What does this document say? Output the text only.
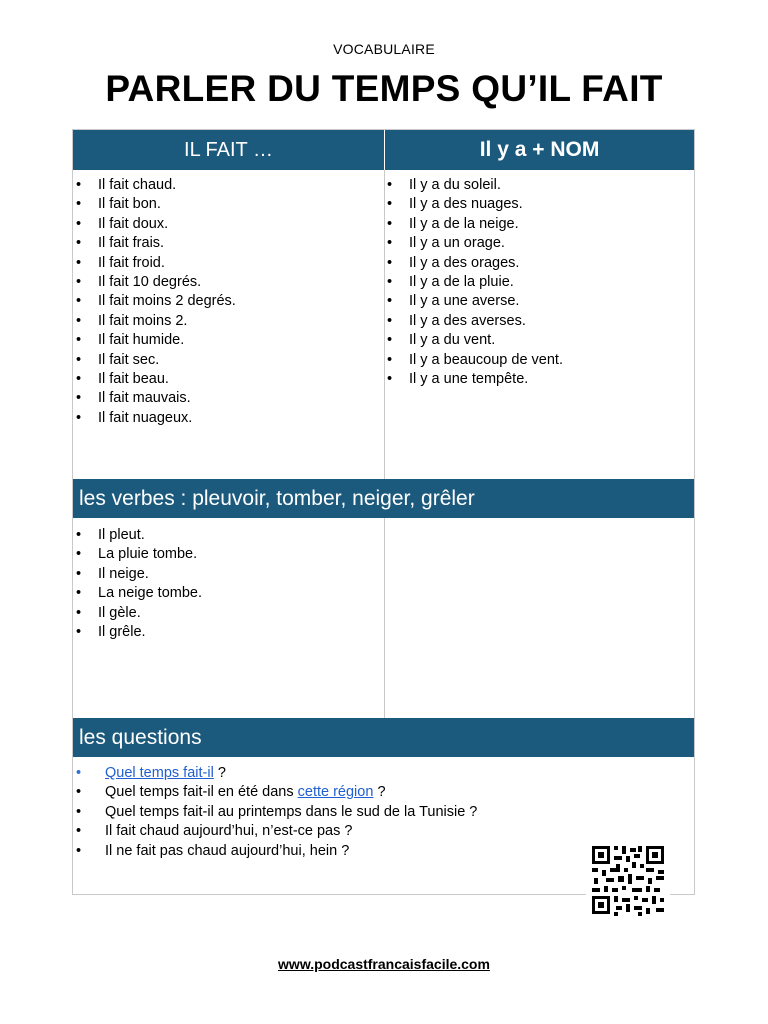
VOCABULAIRE
PARLER DU TEMPS QU’IL FAIT
IL FAIT …	Il y a + NOM
• Il fait chaud.
• Il fait bon.
• Il fait doux.
• Il fait frais.
• Il fait froid.
• Il fait 10 degrés.
• Il fait moins 2 degrés.
• Il fait moins 2.
• Il fait humide.
• Il fait sec.
• Il fait beau.
• Il fait mauvais.
• Il fait nuageux.
• Il y a du soleil.
• Il y a des nuages.
• Il y a de la neige.
• Il y a un orage.
• Il y a des orages.
• Il y a de la pluie.
• Il y a une averse.
• Il y a des averses.
• Il y a du vent.
• Il y a beaucoup de vent.
• Il y a une tempête.
les verbes : pleuvoir, tomber, neiger, grêler
• Il pleut.
• La pluie tombe.
• Il neige.
• La neige tombe.
• Il gèle.
• Il grêle.
les questions
• Quel temps fait-il ?
• Quel temps fait-il en été dans cette région ?
• Quel temps fait-il au printemps dans le sud de la Tunisie ?
• Il fait chaud aujourd’hui, n’est-ce pas ?
• Il ne fait pas chaud aujourd’hui, hein ?
www.podcastfrancaisfacile.com
